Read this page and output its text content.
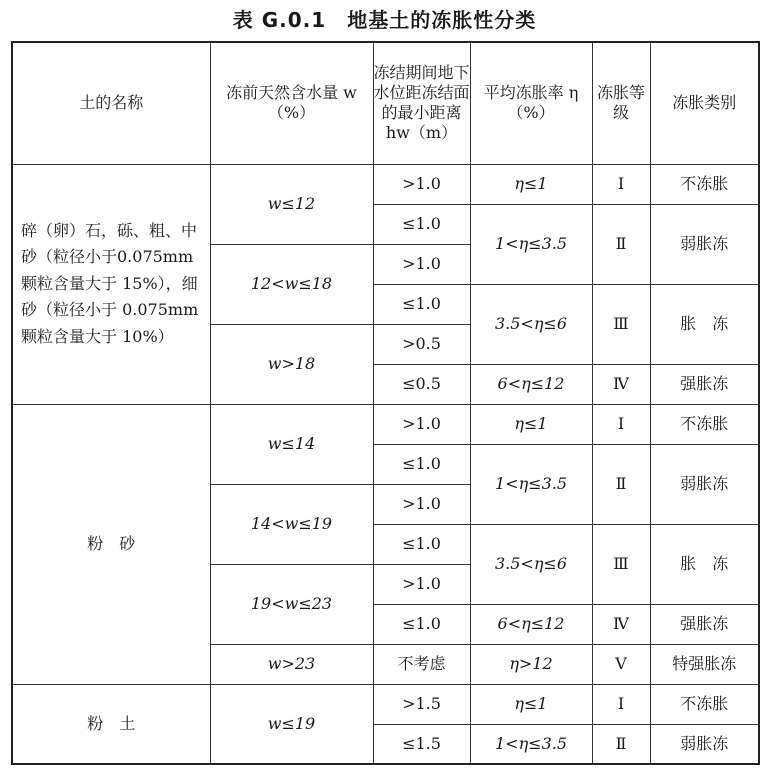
表 G.0.1　地基土的冻胀性分类
土的名称	冻前天然含水量 w（%）	冻结期间地下水位距冻结面的最小距离 hw（m）	平均冻胀率 η（%）	冻胀等级	冻胀类别
碎（卵）石，砾、粗、中砂（粒径小于0.075mm 颗粒含量大于 15%），细砂（粒径小于 0.075mm 颗粒含量大于 10%）	w≤12	>1.0	η≤1	Ⅰ	不冻胀
		≤1.0	1<η≤3.5	Ⅱ	弱胀冻
	12<w≤18	>1.0			
		≤1.0	3.5<η≤6	Ⅲ	胀　冻
	w>18	>0.5			
		≤0.5	6<η≤12	Ⅳ	强胀冻
粉　砂	w≤14	>1.0	η≤1	Ⅰ	不冻胀
		≤1.0	1<η≤3.5	Ⅱ	弱胀冻
	14<w≤19	>1.0			
		≤1.0	3.5<η≤6	Ⅲ	胀　冻
	19<w≤23	>1.0			
		≤1.0	6<η≤12	Ⅳ	强胀冻
	w>23	不考虑	η>12	Ⅴ	特强胀冻
粉　土	w≤19	>1.5	η≤1	Ⅰ	不冻胀
		≤1.5	1<η≤3.5	Ⅱ	弱胀冻
